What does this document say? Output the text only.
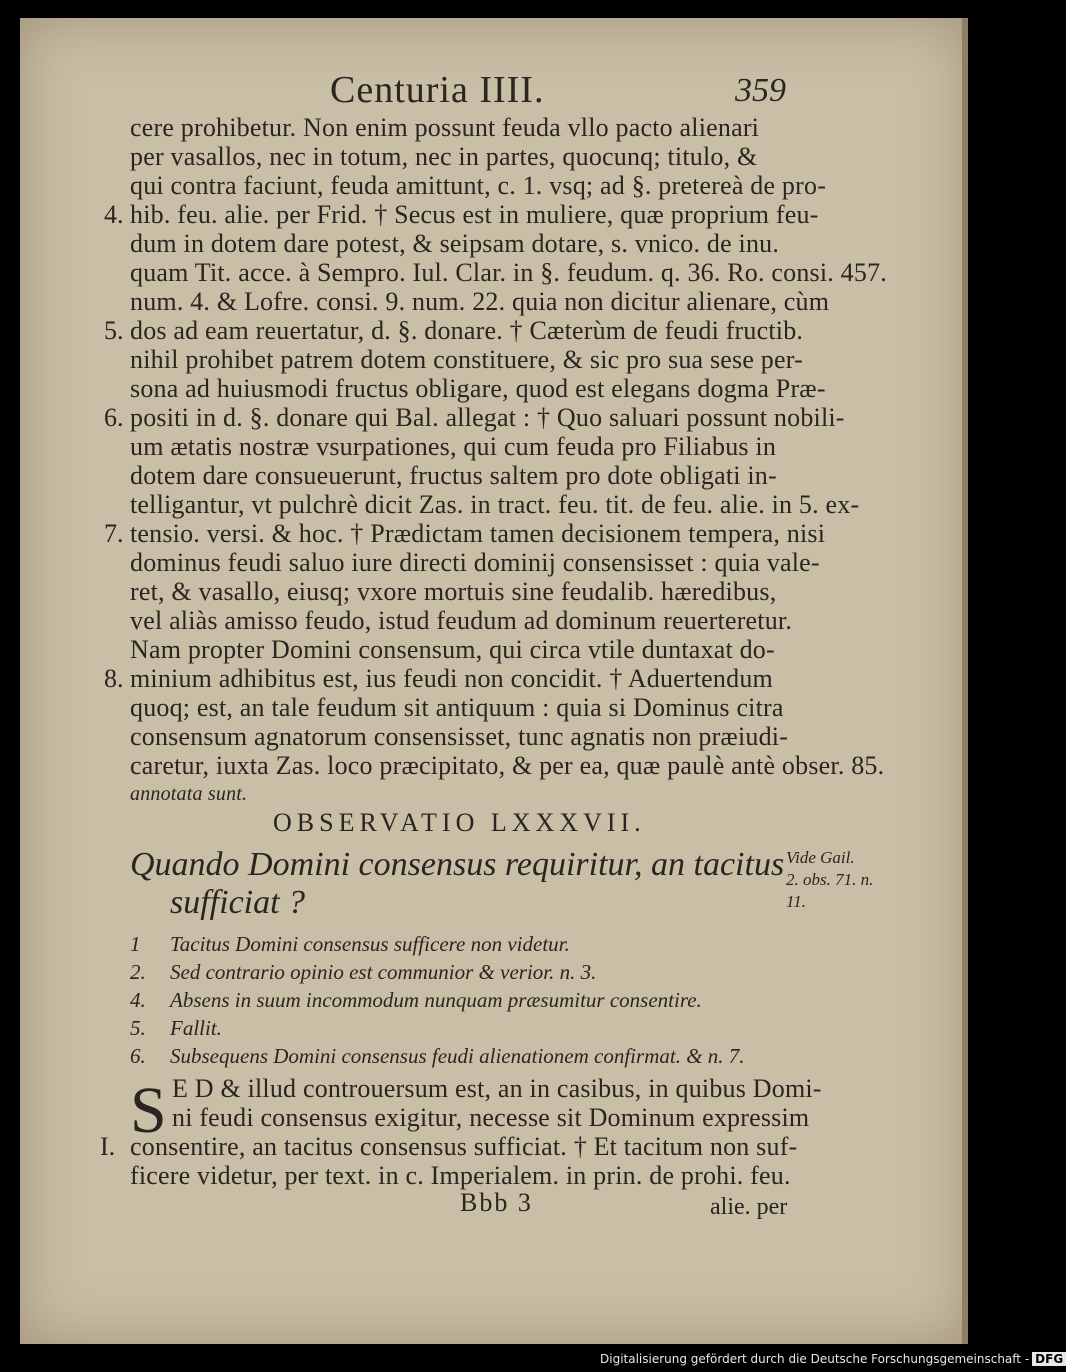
Centuria IIII.	359
cere prohibetur. Non enim possunt feuda vllo pacto alienari
per vasallos, nec in totum, nec in partes, quocunq; titulo, &
qui contra faciunt, feuda amittunt, c. 1. vsq; ad §. pretereà de pro-
hib. feu. alie. per Frid. † Secus est in muliere, quæ proprium feu-
dum in dotem dare potest, & seipsam dotare, s. vnico. de inu.
quam Tit. acce. à Sempro. Iul. Clar. in §. feudum. q. 36. Ro. consi. 457.
num. 4. & Lofre. consi. 9. num. 22. quia non dicitur alienare, cùm
dos ad eam reuertatur, d. §. donare. † Cæterùm de feudi fructib.
nihil prohibet patrem dotem constituere, & sic pro sua sese per-
sona ad huiusmodi fructus obligare, quod est elegans dogma Præ-
positi in d. §. donare qui Bal. allegat : † Quo saluari possunt nobili-
um ætatis nostræ vsurpationes, qui cum feuda pro Filiabus in
dotem dare consueuerunt, fructus saltem pro dote obligati in-
telligantur, vt pulchrè dicit Zas. in tract. feu. tit. de feu. alie. in 5. ex-
tensio. versi. & hoc. † Prædictam tamen decisionem tempera, nisi
dominus feudi saluo iure directi dominij consensisset : quia vale-
ret, & vasallo, eiusq; vxore mortuis sine feudalib. hæredibus,
vel aliàs amisso feudo, istud feudum ad dominum reuerteretur.
Nam propter Domini consensum, qui circa vtile duntaxat do-
minium adhibitus est, ius feudi non concidit. † Aduertendum
quoq; est, an tale feudum sit antiquum : quia si Dominus citra
consensum agnatorum consensisset, tunc agnatis non præiudi-
caretur, iuxta Zas. loco præcipitato, & per ea, quæ paulè antè obser. 85.
annotata sunt.
4.
5.
6.
7.
8.
OBSERVATIO LXXXVII.
Quando Domini consensus requiritur, an tacitus
sufficiat ?
Vide Gail.
2. obs. 71. n.
11.
1 Tacitus Domini consensus sufficere non videtur.
2. Sed contrario opinio est communior & verior. n. 3.
4. Absens in suum incommodum nunquam præsumitur consentire.
5. Fallit.
6. Subsequens Domini consensus feudi alienationem confirmat. & n. 7.
S E D & illud controuersum est, an in casibus, in quibus Domi-
ni feudi consensus exigitur, necesse sit Dominum expressim
consentire, an tacitus consensus sufficiat. † Et tacitum non suf-
ficere videtur, per text. in c. Imperialem. in prin. de prohi. feu.
I.
Bbb 3	alie. per
Digitalisierung gefördert durch die Deutsche Forschungsgemeinschaft - DFG
